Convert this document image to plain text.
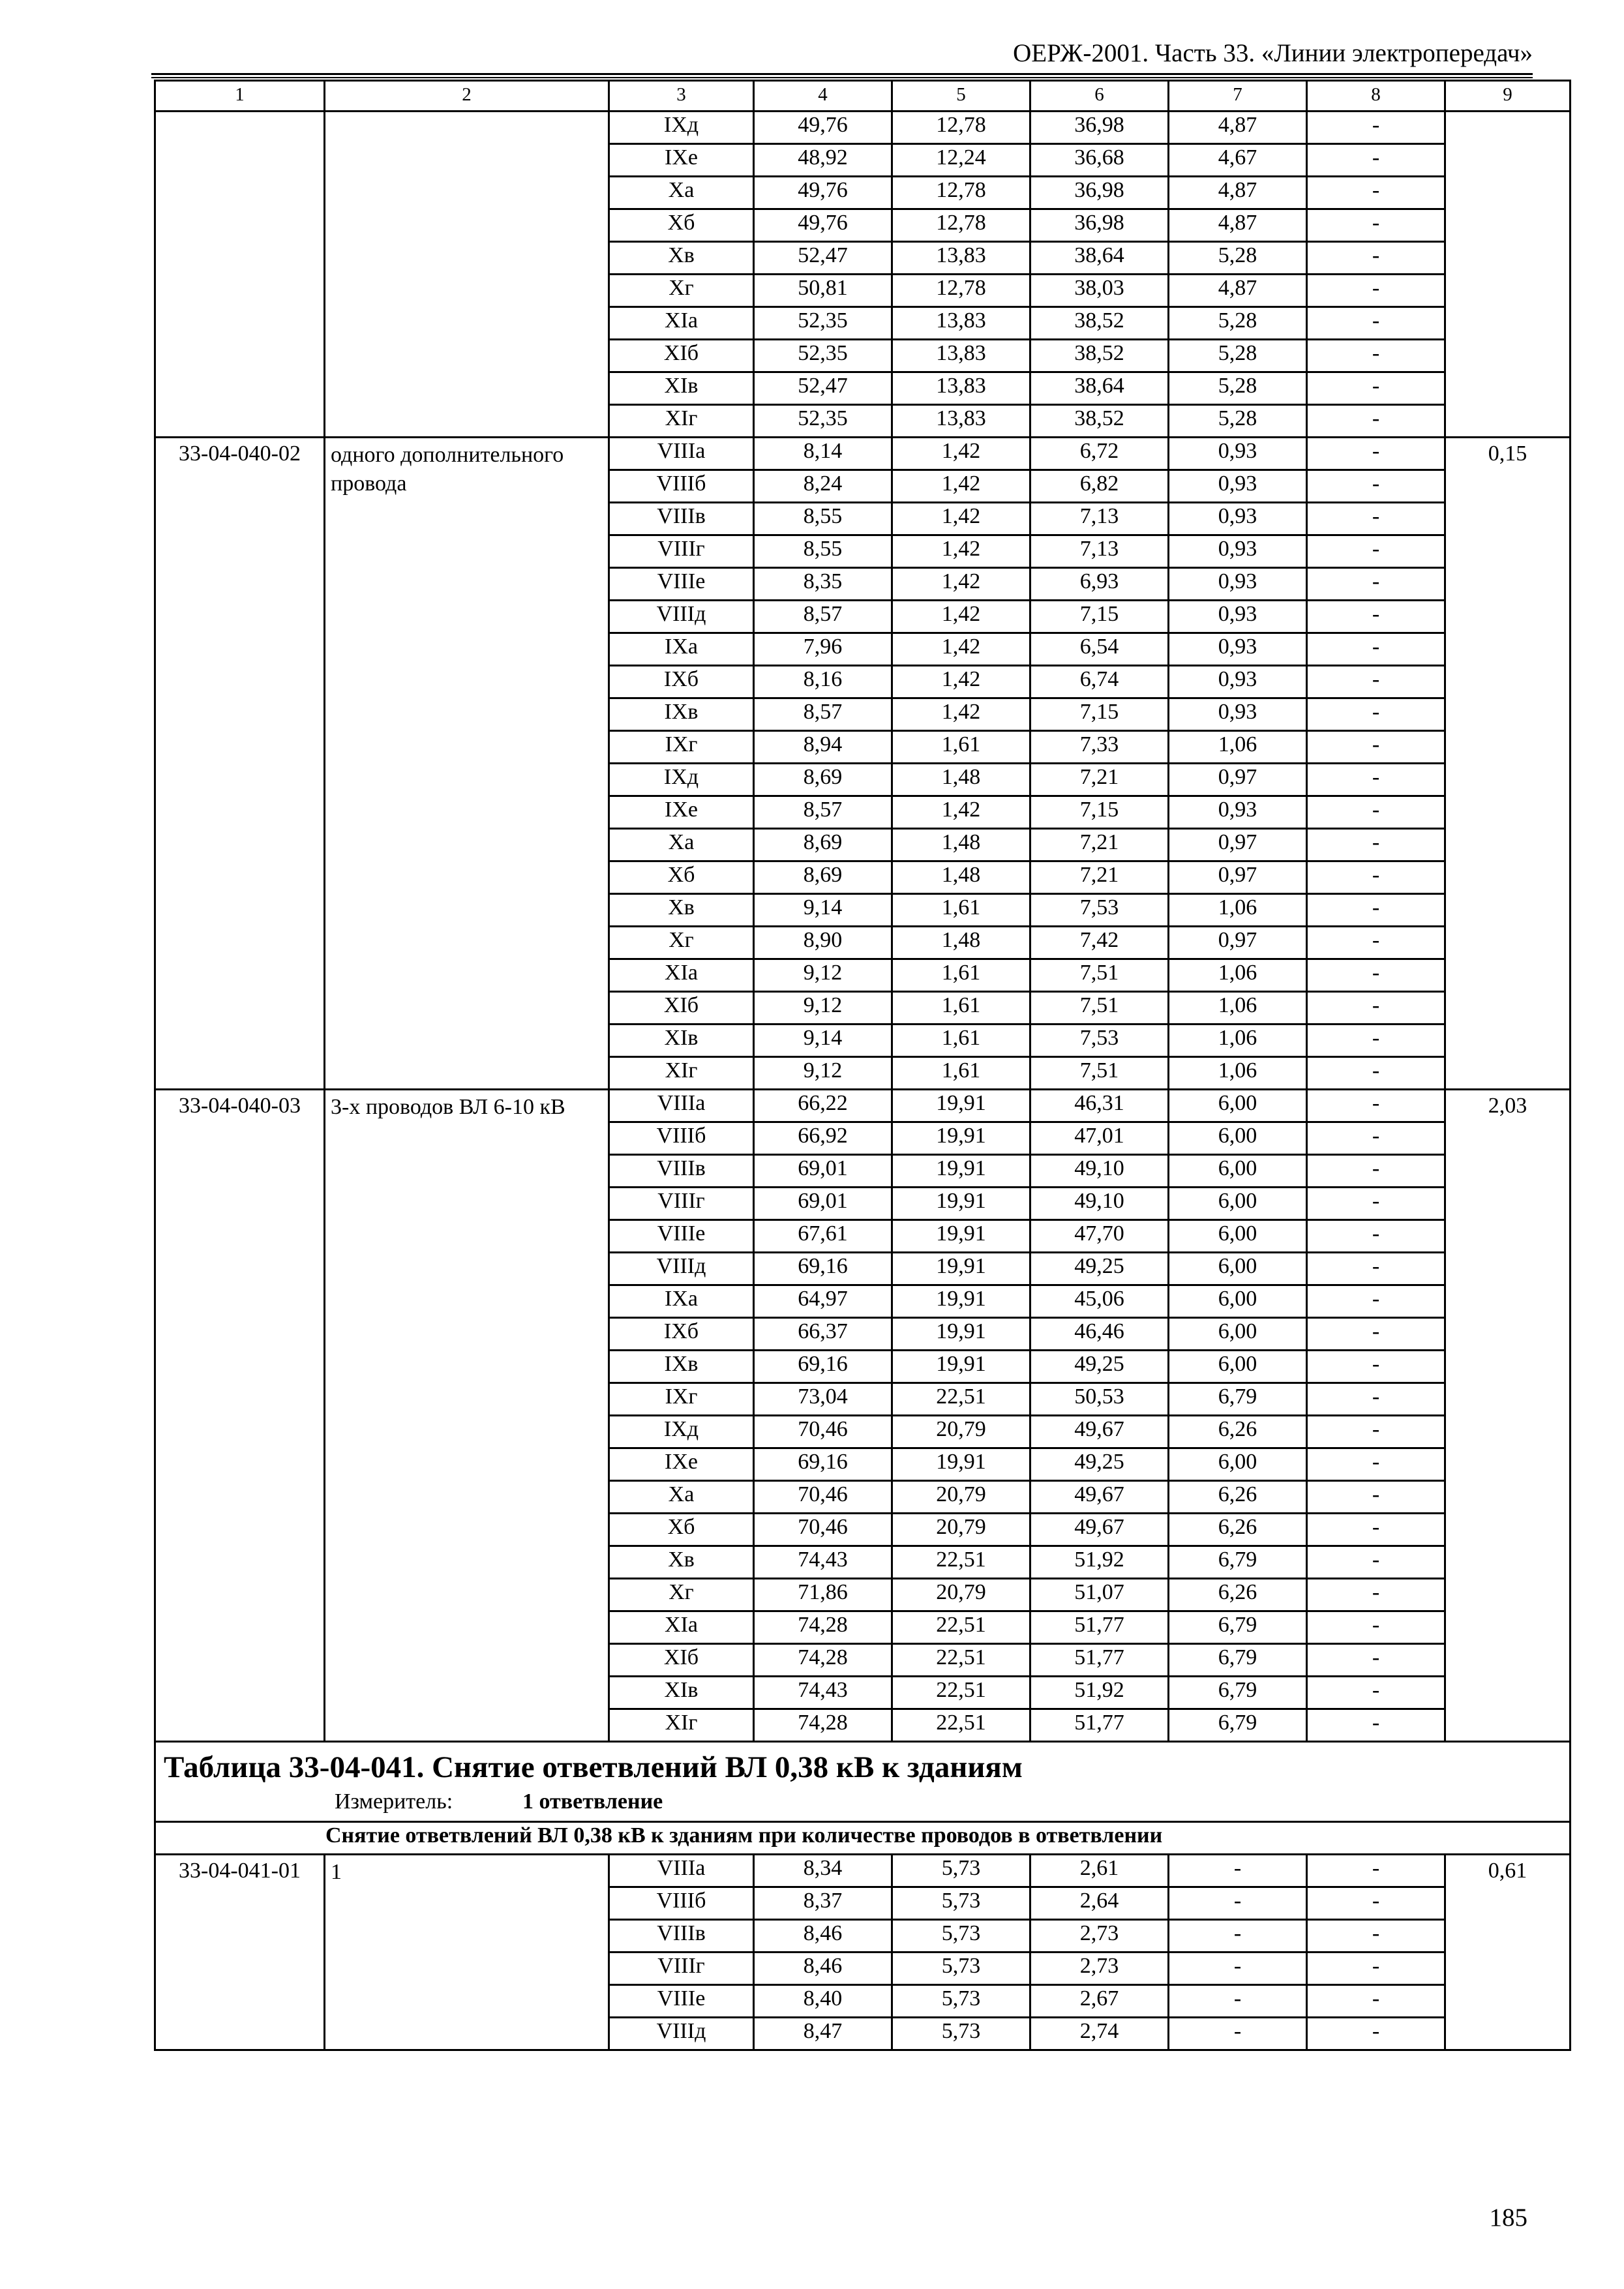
ОЕРЖ-2001. Часть 33. «Линии электропередач»
1	2	3	4	5	6	7	8	9
		IXд	49,76	12,78	36,98	4,87	-	
		IXe	48,92	12,24	36,68	4,67	-	
		Xa	49,76	12,78	36,98	4,87	-	
		Xб	49,76	12,78	36,98	4,87	-	
		Xв	52,47	13,83	38,64	5,28	-	
		Xг	50,81	12,78	38,03	4,87	-	
		XIa	52,35	13,83	38,52	5,28	-	
		XIб	52,35	13,83	38,52	5,28	-	
		XIв	52,47	13,83	38,64	5,28	-	
		XIг	52,35	13,83	38,52	5,28	-	
33-04-040-02	одного дополнительного провода	VIIIa	8,14	1,42	6,72	0,93	-	0,15
		VIIIб	8,24	1,42	6,82	0,93	-	
		VIIIв	8,55	1,42	7,13	0,93	-	
		VIIIг	8,55	1,42	7,13	0,93	-	
		VIIIe	8,35	1,42	6,93	0,93	-	
		VIIIд	8,57	1,42	7,15	0,93	-	
		IXa	7,96	1,42	6,54	0,93	-	
		IXб	8,16	1,42	6,74	0,93	-	
		IXв	8,57	1,42	7,15	0,93	-	
		IXг	8,94	1,61	7,33	1,06	-	
		IXд	8,69	1,48	7,21	0,97	-	
		IXe	8,57	1,42	7,15	0,93	-	
		Xa	8,69	1,48	7,21	0,97	-	
		Xб	8,69	1,48	7,21	0,97	-	
		Xв	9,14	1,61	7,53	1,06	-	
		Xг	8,90	1,48	7,42	0,97	-	
		XIa	9,12	1,61	7,51	1,06	-	
		XIб	9,12	1,61	7,51	1,06	-	
		XIв	9,14	1,61	7,53	1,06	-	
		XIг	9,12	1,61	7,51	1,06	-	
33-04-040-03	3-х проводов ВЛ 6-10 кВ	VIIIa	66,22	19,91	46,31	6,00	-	2,03
		VIIIб	66,92	19,91	47,01	6,00	-	
		VIIIв	69,01	19,91	49,10	6,00	-	
		VIIIг	69,01	19,91	49,10	6,00	-	
		VIIIe	67,61	19,91	47,70	6,00	-	
		VIIIд	69,16	19,91	49,25	6,00	-	
		IXa	64,97	19,91	45,06	6,00	-	
		IXб	66,37	19,91	46,46	6,00	-	
		IXв	69,16	19,91	49,25	6,00	-	
		IXг	73,04	22,51	50,53	6,79	-	
		IXд	70,46	20,79	49,67	6,26	-	
		IXe	69,16	19,91	49,25	6,00	-	
		Xa	70,46	20,79	49,67	6,26	-	
		Xб	70,46	20,79	49,67	6,26	-	
		Xв	74,43	22,51	51,92	6,79	-	
		Xг	71,86	20,79	51,07	6,26	-	
		XIa	74,28	22,51	51,77	6,79	-	
		XIб	74,28	22,51	51,77	6,79	-	
		XIв	74,43	22,51	51,92	6,79	-	
		XIг	74,28	22,51	51,77	6,79	-	

Таблица 33-04-041. Снятие ответвлений ВЛ 0,38 кВ к зданиям
Измеритель: 1 ответвление								

Снятие ответвлений ВЛ 0,38 кВ к зданиям при количестве проводов в ответвлении								
33-04-041-01	1	VIIIa	8,34	5,73	2,61	-	-	0,61
		VIIIб	8,37	5,73	2,64	-	-	
		VIIIв	8,46	5,73	2,73	-	-	
		VIIIг	8,46	5,73	2,73	-	-	
		VIIIe	8,40	5,73	2,67	-	-	
		VIIIд	8,47	5,73	2,74	-	-	
185
